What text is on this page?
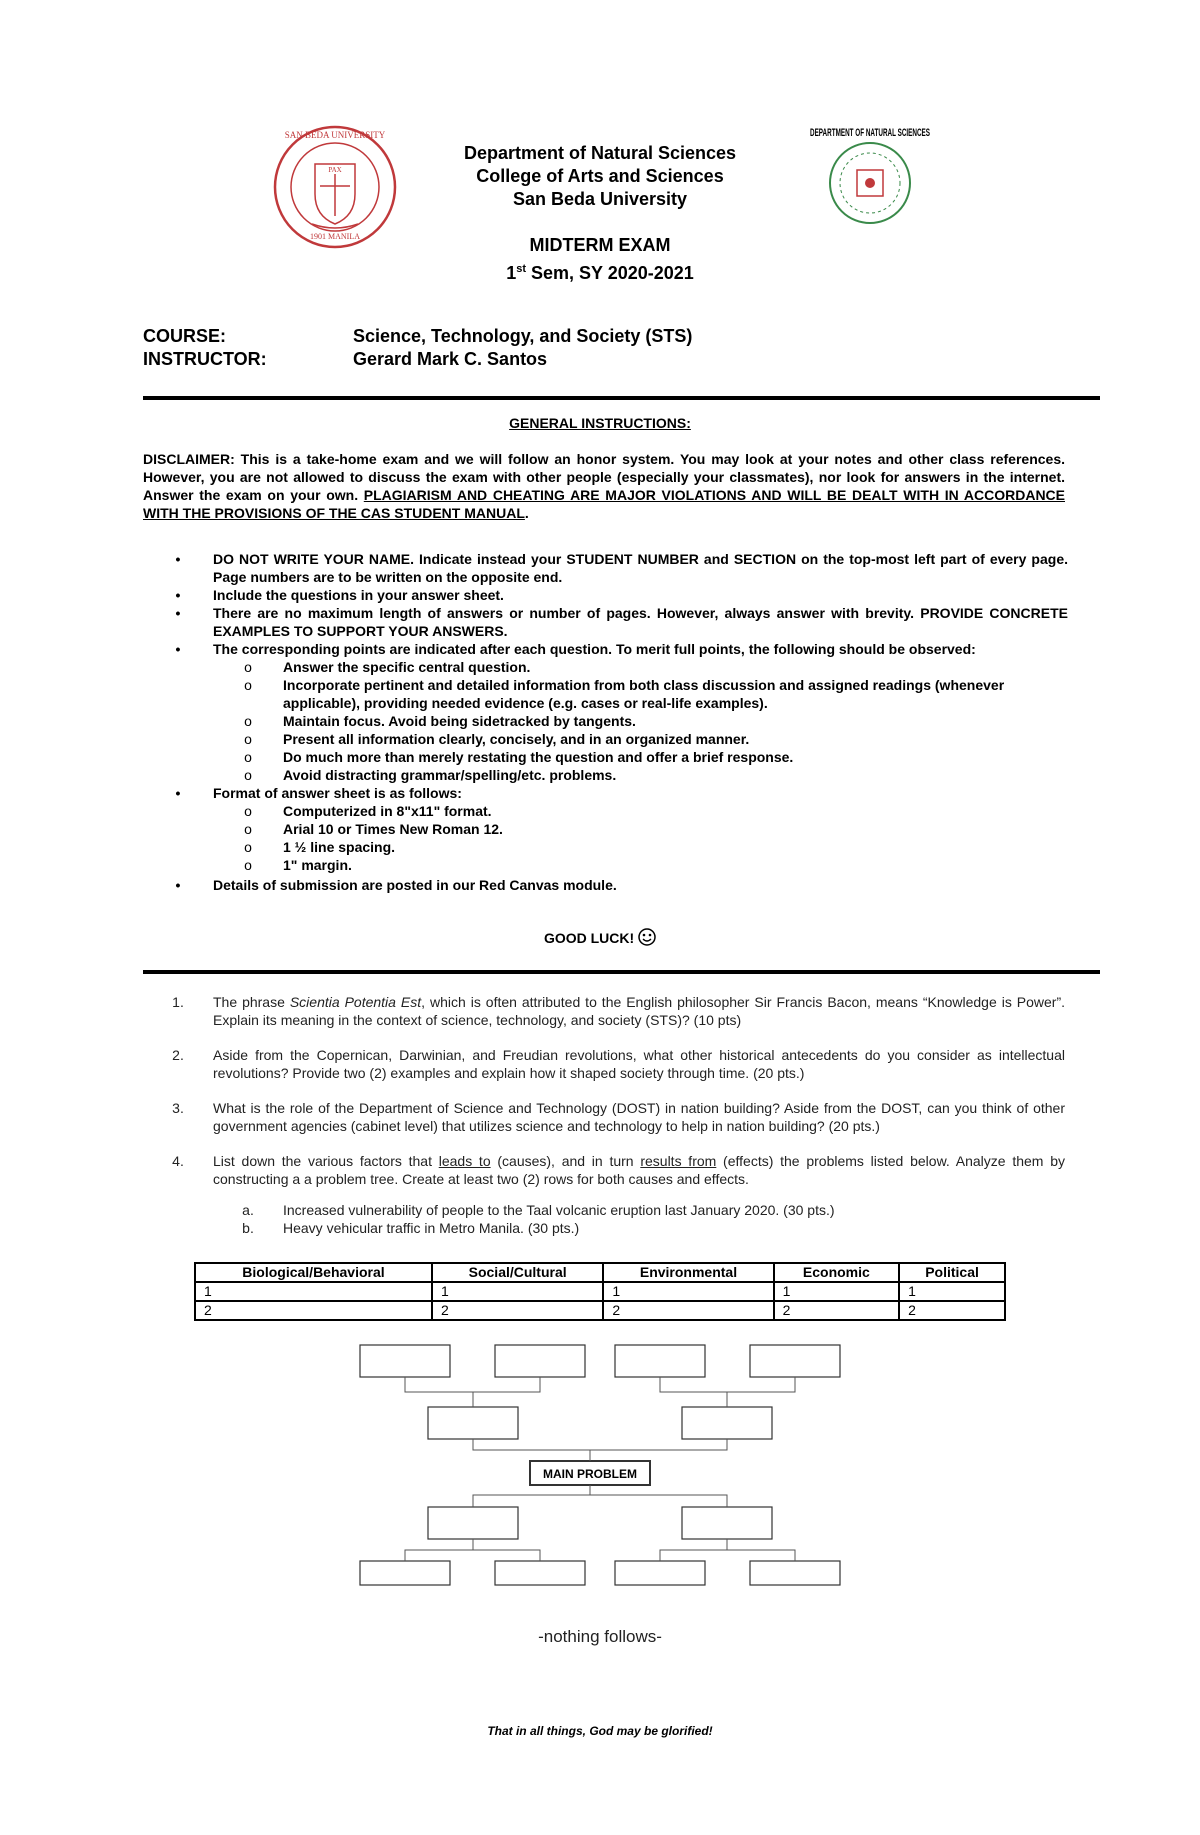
SAN BEDA UNIVERSITY
PAX
1901 MANILA
Department of Natural Sciences
College of Arts and Sciences
San Beda University
MIDTERM EXAM
1st Sem, SY 2020-2021
DEPARTMENT OF NATURAL SCIENCES
COURSE:	Science, Technology, and Society (STS)
INSTRUCTOR:	Gerard Mark C. Santos
GENERAL INSTRUCTIONS:
DISCLAIMER: This is a take-home exam and we will follow an honor system. You may look at your notes and other class references. However, you are not allowed to discuss the exam with other people (especially your classmates), nor look for answers in the internet. Answer the exam on your own. PLAGIARISM AND CHEATING ARE MAJOR VIOLATIONS AND WILL BE DEALT WITH IN ACCORDANCE WITH THE PROVISIONS OF THE CAS STUDENT MANUAL.
•	DO NOT WRITE YOUR NAME. Indicate instead your STUDENT NUMBER and SECTION on the top-most left part of every page. Page numbers are to be written on the opposite end.
•	Include the questions in your answer sheet.
•	There are no maximum length of answers or number of pages. However, always answer with brevity. PROVIDE CONCRETE EXAMPLES TO SUPPORT YOUR ANSWERS.
•	The corresponding points are indicated after each question. To merit full points, the following should be observed:
o	Answer the specific central question.
o	Incorporate pertinent and detailed information from both class discussion and assigned readings (whenever applicable), providing needed evidence (e.g. cases or real-life examples).
o	Maintain focus. Avoid being sidetracked by tangents.
o	Present all information clearly, concisely, and in an organized manner.
o	Do much more than merely restating the question and offer a brief response.
o	Avoid distracting grammar/spelling/etc. problems.
•	Format of answer sheet is as follows:
o	Computerized in 8"x11" format.
o	Arial 10 or Times New Roman 12.
o	1 ½ line spacing.
o	1" margin.
•	Details of submission are posted in our Red Canvas module.
GOOD LUCK!
1.	The phrase Scientia Potentia Est, which is often attributed to the English philosopher Sir Francis Bacon, means “Knowledge is Power”. Explain its meaning in the context of science, technology, and society (STS)? (10 pts)
2.	Aside from the Copernican, Darwinian, and Freudian revolutions, what other historical antecedents do you consider as intellectual revolutions? Provide two (2) examples and explain how it shaped society through time. (20 pts.)
3.	What is the role of the Department of Science and Technology (DOST) in nation building? Aside from the DOST, can you think of other government agencies (cabinet level) that utilizes science and technology to help in nation building? (20 pts.)
4.	List down the various factors that leads to (causes), and in turn results from (effects) the problems listed below. Analyze them by constructing a a problem tree. Create at least two (2) rows for both causes and effects.
a.	Increased vulnerability of people to the Taal volcanic eruption last January 2020. (30 pts.)
b.	Heavy vehicular traffic in Metro Manila. (30 pts.)
Biological/Behavioral	Social/Cultural	Environmental	Economic	Political
1	1	1	1	1
2	2	2	2	2
MAIN PROBLEM
-nothing follows-
That in all things, God may be glorified!
